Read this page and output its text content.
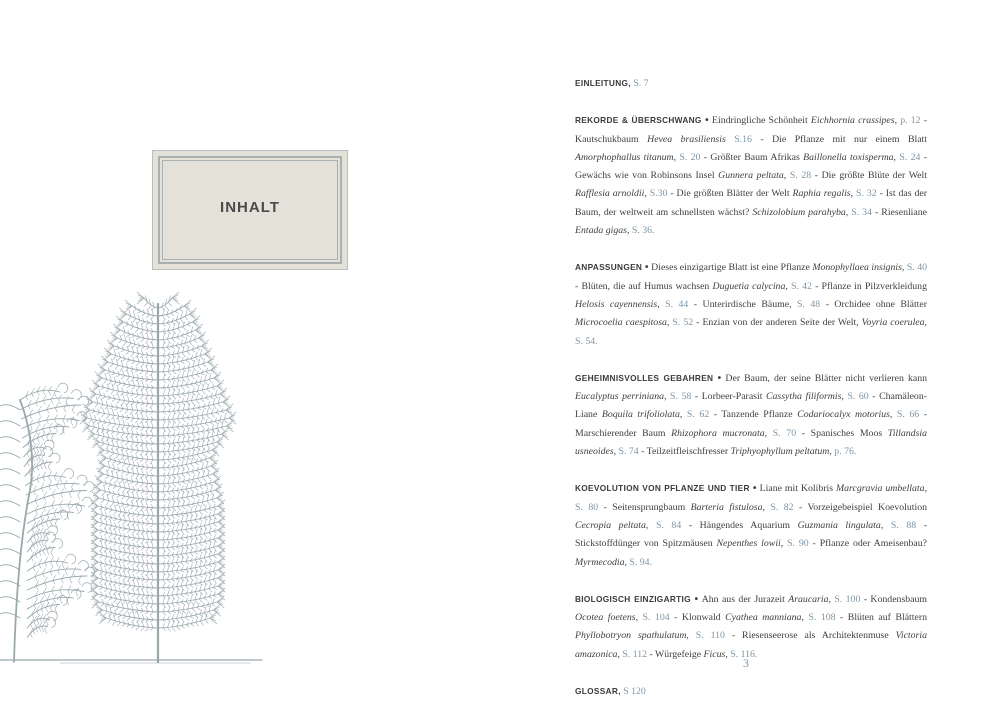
INHALT

EINLEITUNG, S. 7

REKORDE & ÜBERSCHWANG • Eindringliche Schönheit Eichhornia crassipes, p. 12 - Kautschukbaum Hevea brasiliensis S.16 - Die Pflanze mit nur einem Blatt Amorphophallus titanum, S. 20 - Größter Baum Afrikas Baillonella toxisperma, S. 24 - Gewächs wie von Robinsons Insel Gunnera peltata, S. 28 - Die größte Blüte der Welt Rafflesia arnoldii, S.30 - Die größten Blätter der Welt Raphia regalis, S. 32 - Ist das der Baum, der weltweit am schnellsten wächst? Schizolobium parahyba, S. 34 - Riesenliane Entada gigas, S. 36.

ANPASSUNGEN • Dieses einzigartige Blatt ist eine Pflanze Monophyllaea insignis, S. 40 - Blüten, die auf Humus wachsen Duguetia calycina, S. 42 - Pflanze in Pilzverkleidung Helosis cayennensis, S. 44 - Unterirdische Bäume, S. 48 - Orchidee ohne Blätter Microcoelia caespitosa, S. 52 - Enzian von der anderen Seite der Welt, Voyria coerulea, S. 54.

GEHEIMNISVOLLES GEBAHREN • Der Baum, der seine Blätter nicht verlieren kann Eucalyptus perriniana, S. 58 - Lorbeer-Parasit Cassytha filiformis, S. 60 - Chamäleon-Liane Boquila trifoliolata, S. 62 - Tanzende Pflanze Codariocalyx motorius, S. 66 - Marschierender Baum Rhizophora mucronata, S. 70 - Spanisches Moos Tillandsia usneoides, S. 74 - Teilzeitfleischfresser Triphyophyllum peltatum, p. 76.

KOEVOLUTION VON PFLANZE UND TIER • Liane mit Kolibris Marcgravia umbellata, S. 80 - Seitensprungbaum Barteria fistulosa, S. 82 - Vorzeigebeispiel Koevolution Cecropia peltata, S. 84 - Hängendes Aquarium Guzmania lingulata, S. 88 - Stickstoffdünger von Spitzmäusen Nepenthes lowii, S. 90 - Pflanze oder Ameisenbau? Myrmecodia, S. 94.

BIOLOGISCH EINZIGARTIG • Ahn aus der Jurazeit Araucaria, S. 100 - Kondensbaum Ocotea foetens, S. 104 - Klonwald Cyathea manniana, S. 108 - Blüten auf Blättern Phyllobotryon spathulatum, S. 110 - Riesenseerose als Architektenmuse Victoria amazonica, S. 112 - Würgefeige Ficus, S. 116.

GLOSSAR, S 120

3
